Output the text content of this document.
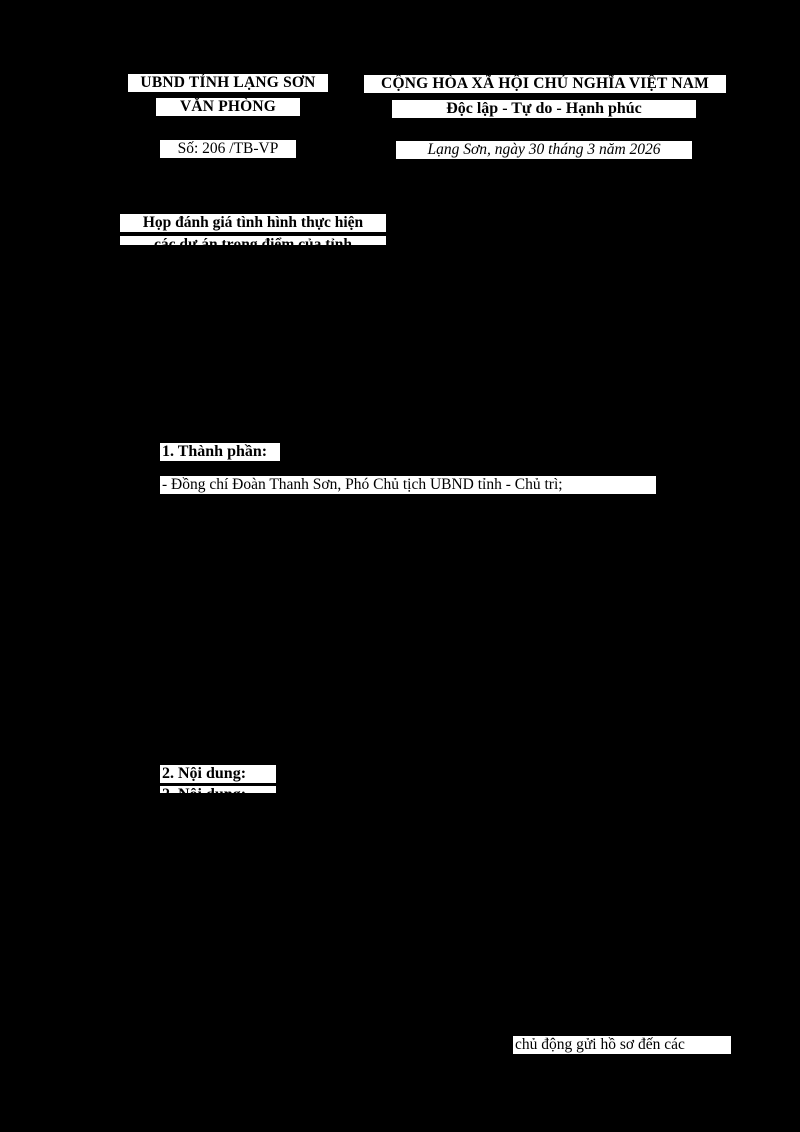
UBND TỈNH LẠNG SƠN
VĂN PHÒNG
Số: 206 /TB-VP
CỘNG HÒA XÃ HỘI CHỦ NGHĨA VIỆT NAM
Độc lập - Tự do - Hạnh phúc
Lạng Sơn, ngày 30 tháng 3 năm 2026
Họp đánh giá tình hình thực hiện
các dự án trọng điểm của tỉnh
1. Thành phần:
- Đồng chí Đoàn Thanh Sơn, Phó Chủ tịch UBND tỉnh - Chủ trì;
2. Nội dung:
2. Nội dung:
chủ động gửi hồ sơ đến các
